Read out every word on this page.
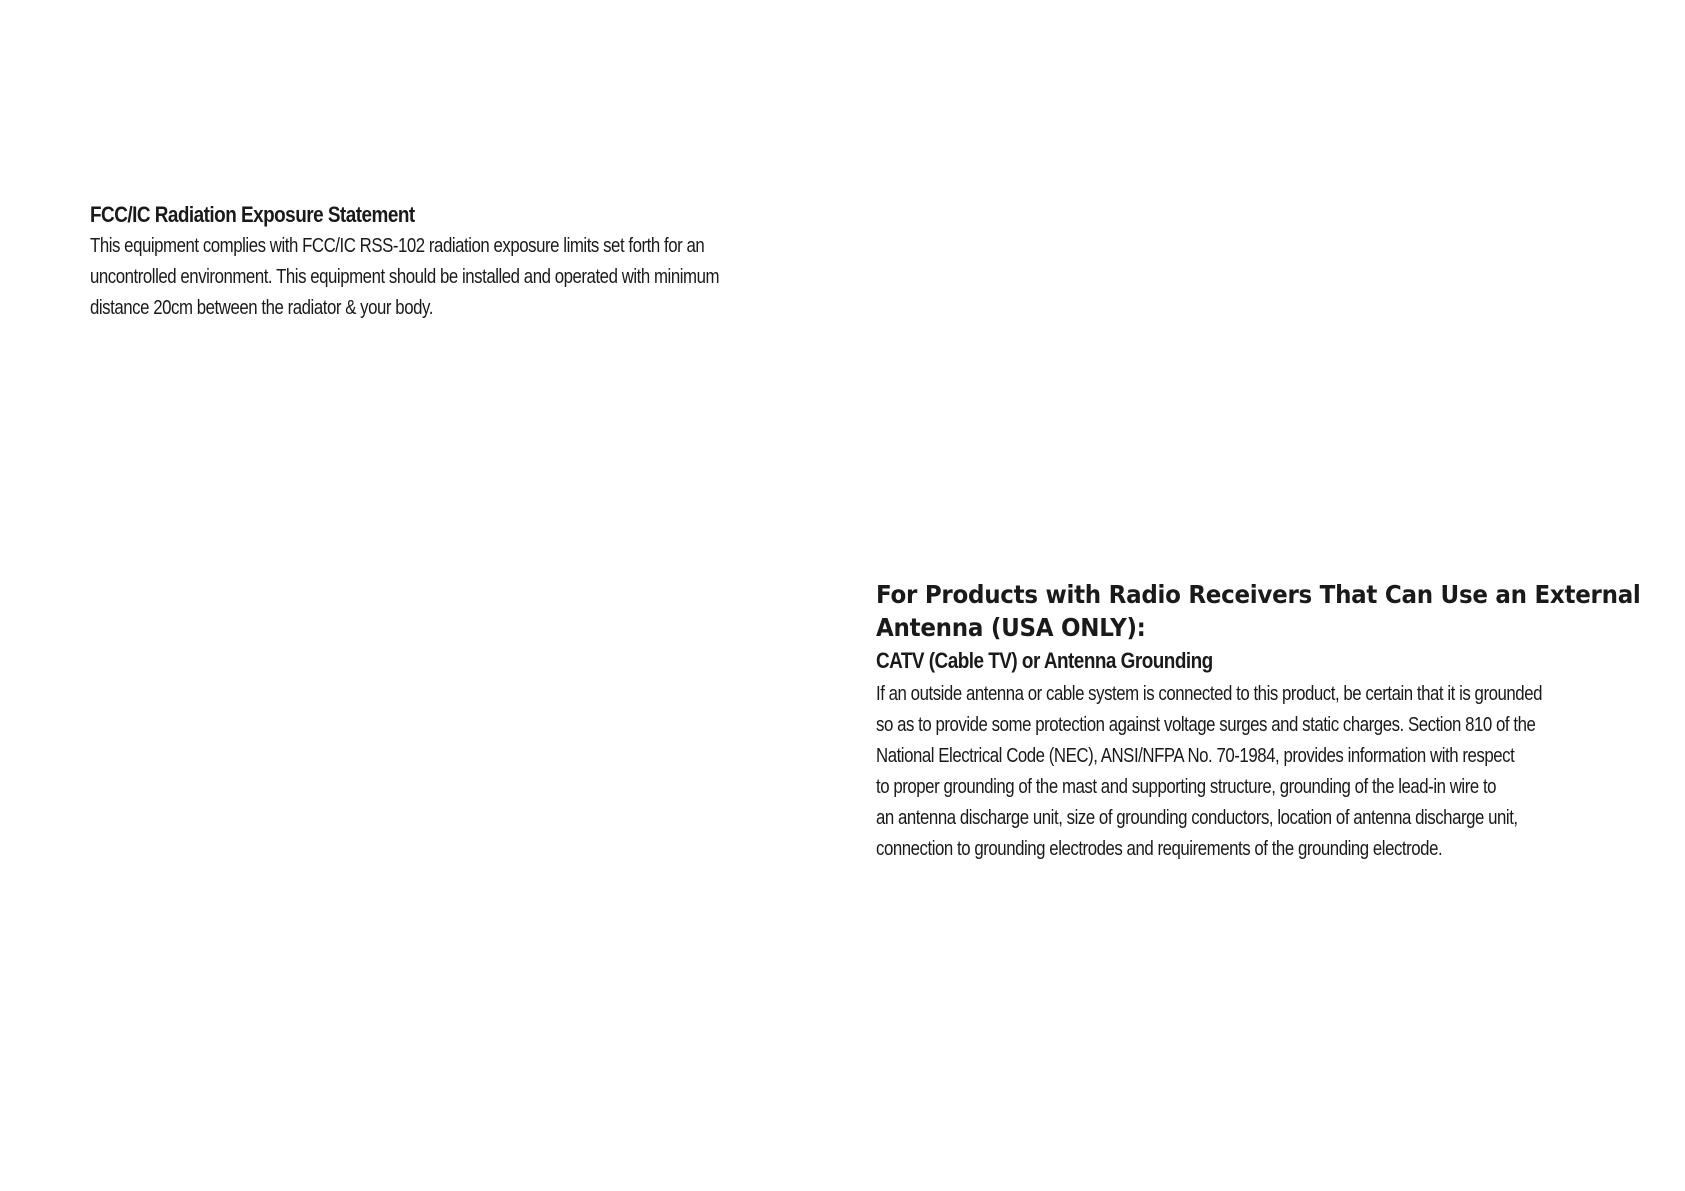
FCC/IC Radiation Exposure Statement
This equipment complies with FCC/IC RSS-102 radiation exposure limits set forth for an
uncontrolled environment. This equipment should be installed and operated with minimum
distance 20cm between the radiator & your body.
For Products with Radio Receivers That Can Use an External
Antenna (USA ONLY):
CATV (Cable TV) or Antenna Grounding
If an outside antenna or cable system is connected to this product, be certain that it is grounded
so as to provide some protection against voltage surges and static charges. Section 810 of the
National Electrical Code (NEC), ANSI/NFPA No. 70-1984, provides information with respect
to proper grounding of the mast and supporting structure, grounding of the lead-in wire to
an antenna discharge unit, size of grounding conductors, location of antenna discharge unit,
connection to grounding electrodes and requirements of the grounding electrode.
